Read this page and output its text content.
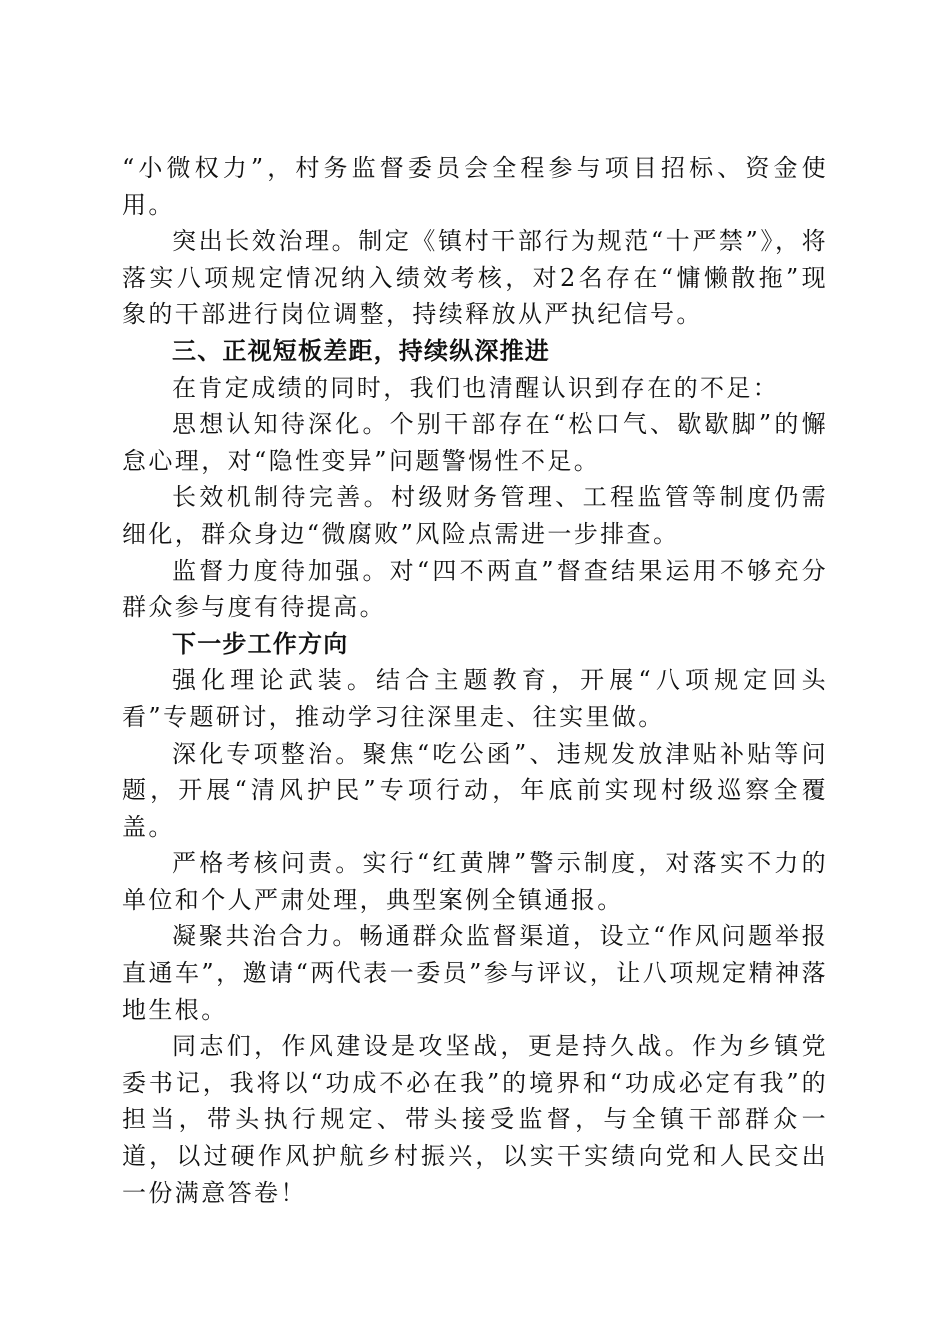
“小微权力”，村务监督委员会全程参与项目招标、资金使用。

突出长效治理。制定《镇村干部行为规范“十严禁”》，将落实八项规定情况纳入绩效考核，对2名存在“慵懒散拖”现象的干部进行岗位调整，持续释放从严执纪信号。

三、正视短板差距，持续纵深推进

在肯定成绩的同时，我们也清醒认识到存在的不足：

思想认知待深化。个别干部存在“松口气、歇歇脚”的懈怠心理，对“隐性变异”问题警惕性不足。

长效机制待完善。村级财务管理、工程监管等制度仍需细化，群众身边“微腐败”风险点需进一步排查。

监督力度待加强。对“四不两直”督查结果运用不够充分群众参与度有待提高。

下一步工作方向

强化理论武装。结合主题教育，开展“八项规定回头看”专题研讨，推动学习往深里走、往实里做。

深化专项整治。聚焦“吃公函”、违规发放津贴补贴等问题，开展“清风护民”专项行动，年底前实现村级巡察全覆盖。

严格考核问责。实行“红黄牌”警示制度，对落实不力的单位和个人严肃处理，典型案例全镇通报。

凝聚共治合力。畅通群众监督渠道，设立“作风问题举报直通车”，邀请“两代表一委员”参与评议，让八项规定精神落地生根。

同志们，作风建设是攻坚战，更是持久战。作为乡镇党委书记，我将以“功成不必在我”的境界和“功成必定有我”的担当，带头执行规定、带头接受监督，与全镇干部群众一道，以过硬作风护航乡村振兴，以实干实绩向党和人民交出一份满意答卷！
